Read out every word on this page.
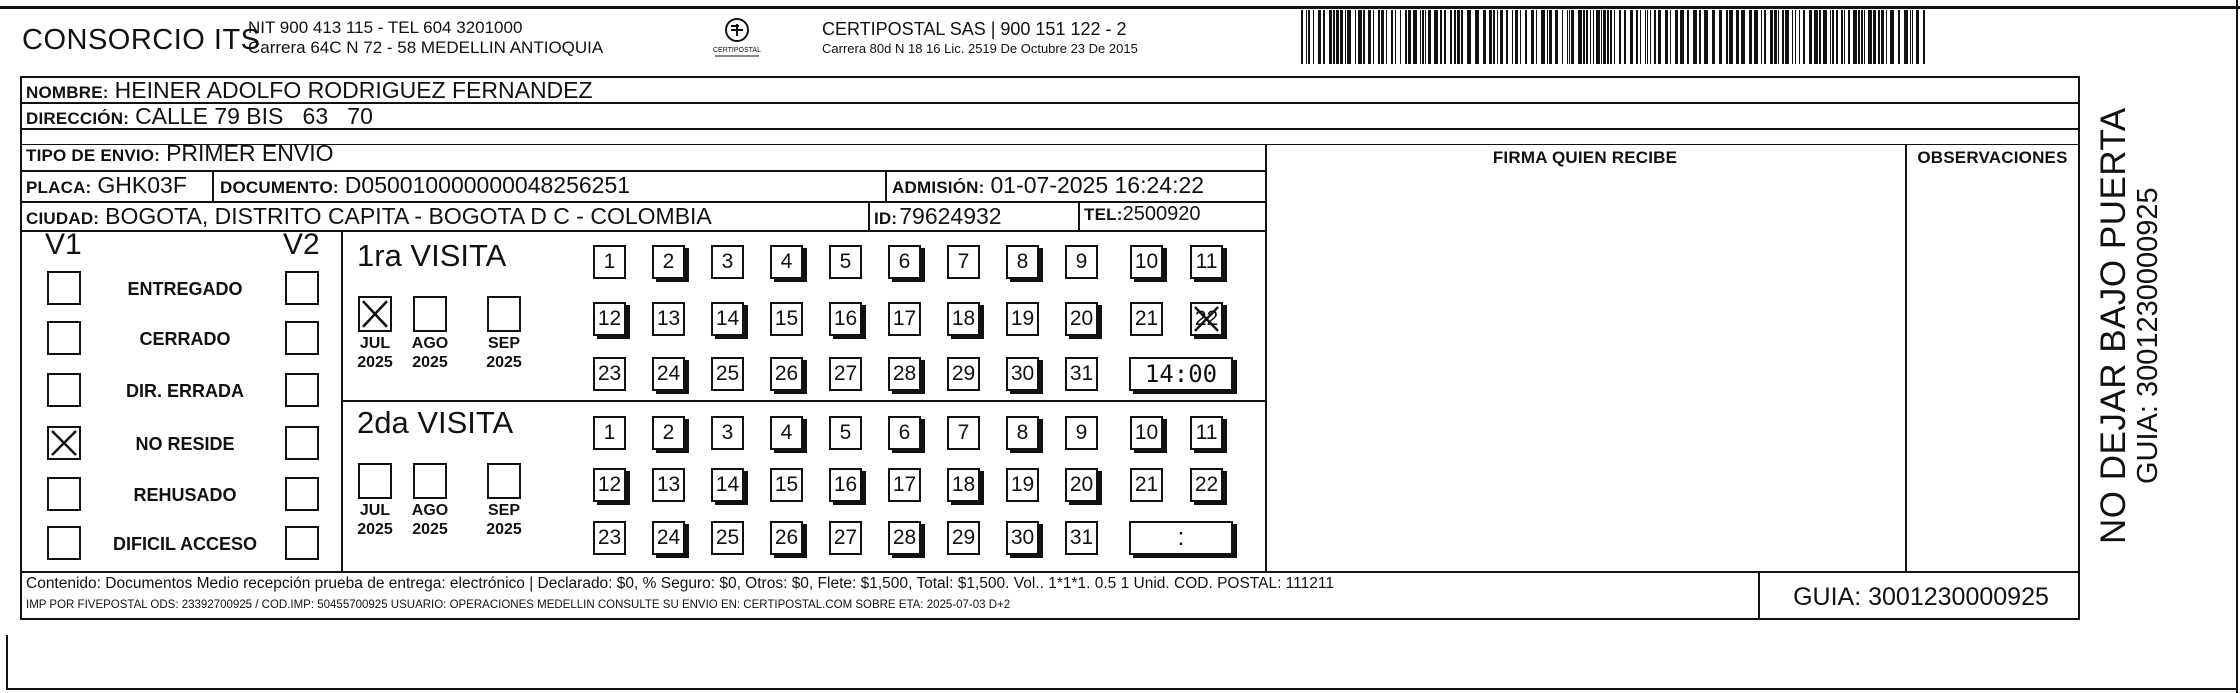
CONSORCIO ITS
NIT 900 413 115 - TEL 604 3201000
Carrera 64C N 72 - 58 MEDELLIN ANTIOQUIA	CERTIPOSTAL
CERTIPOSTAL SAS | 900 151 122 - 2
Carrera 80d N 18 16 Lic. 2519 De Octubre 23 De 2015
NOMBRE: HEINER ADOLFO RODRIGUEZ FERNANDEZ
DIRECCIÓN: CALLE 79 BIS   63   70
TIPO DE ENVIO: PRIMER ENVIO	FIRMA QUIEN RECIBE	OBSERVACIONES
PLACA: GHK03F DOCUMENTO: D050010000000048256251	ADMISIÓN: 01-07-2025 16:24:22
CIUDAD: BOGOTA, DISTRITO CAPITA - BOGOTA D C - COLOMBIA	ID: 79624932	TEL: 2500920
V1	V2
ENTREGADO
CERRADO
DIR. ERRADA
NO RESIDE
REHUSADO
DIFICIL ACCESO
1ra VISITA
JUL
2025
AGO
2025
SEP
2025
1	2	3	4	5	6	7	8	9	10 11
12 13 14 15 16 17 18 19 20 21 22
23 24 25 26 27 28 29 30 31	14:00
2da VISITA
JUL
2025
AGO
2025
SEP
2025
1	2	3	4	5	6	7	8	9	10 11
12 13 14 15 16 17 18 19 20 21 22
23 24 25 26 27 28 29 30 31	:
Contenido: Documentos Medio recepción prueba de entrega: electrónico | Declarado: $0, % Seguro: $0, Otros: $0, Flete: $1,500, Total: $1,500. Vol.. 1*1*1. 0.5 1 Unid. COD. POSTAL: 111211
IMP POR FIVEPOSTAL ODS: 23392700925 / COD.IMP: 50455700925 USUARIO: OPERACIONES MEDELLIN CONSULTE SU ENVIO EN: CERTIPOSTAL.COM SOBRE ETA: 2025-07-03 D+2	GUIA: 3001230000925
NO DEJAR BAJO PUERTA GUIA: 3001230000925
